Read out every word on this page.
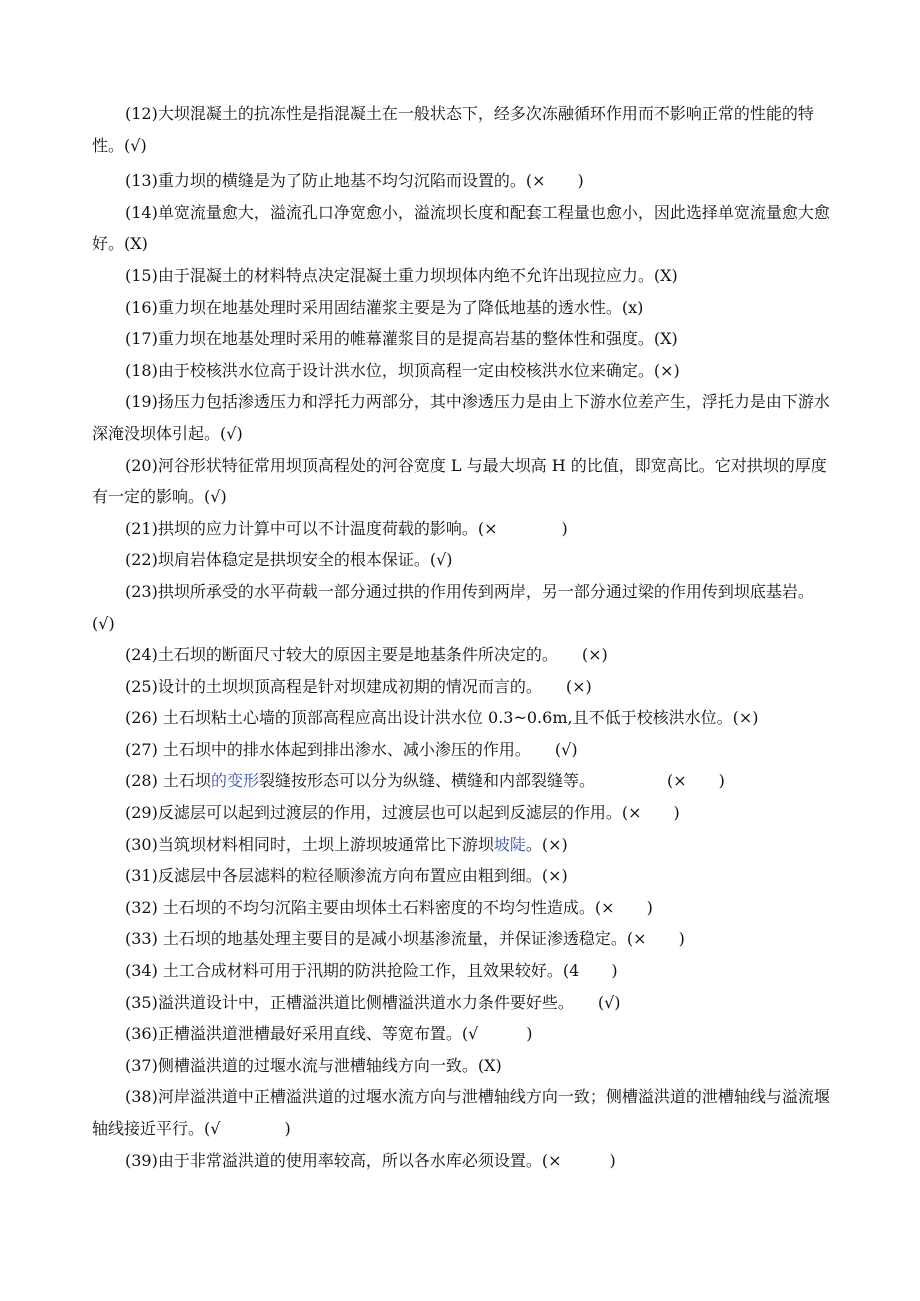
(12)大坝混凝土的抗冻性是指混凝土在一般状态下，经多次冻融循环作用而不影响正常的性能的特性。(√)

(13)重力坝的横缝是为了防止地基不均匀沉陷而设置的。(×　　)

(14)单宽流量愈大，溢流孔口净宽愈小，溢流坝长度和配套工程量也愈小，因此选择单宽流量愈大愈好。(X)

(15)由于混凝土的材料特点决定混凝土重力坝坝体内绝不允许出现拉应力。(X)

(16)重力坝在地基处理时采用固结灌浆主要是为了降低地基的透水性。(x)

(17)重力坝在地基处理时采用的帷幕灌浆目的是提高岩基的整体性和强度。(X)

(18)由于校核洪水位高于设计洪水位，坝顶高程一定由校核洪水位来确定。(×)

(19)扬压力包括渗透压力和浮托力两部分，其中渗透压力是由上下游水位差产生，浮托力是由下游水深淹没坝体引起。(√)

(20)河谷形状特征常用坝顶高程处的河谷宽度 L 与最大坝高 H 的比值，即宽高比。它对拱坝的厚度有一定的影响。(√)

(21)拱坝的应力计算中可以不计温度荷载的影响。(×　　　　)

(22)坝肩岩体稳定是拱坝安全的根本保证。(√)

(23)拱坝所承受的水平荷载一部分通过拱的作用传到两岸，另一部分通过梁的作用传到坝底基岩。(√)

(24)土石坝的断面尺寸较大的原因主要是地基条件所决定的。　　(×)

(25)设计的土坝坝顶高程是针对坝建成初期的情况而言的。　　(×)

(26) 土石坝粘土心墙的顶部高程应高出设计洪水位 0.3~0.6m,且不低于校核洪水位。(×)

(27) 土石坝中的排水体起到排出渗水、减小渗压的作用。　　(√)

(28) 土石坝的变形裂缝按形态可以分为纵缝、横缝和内部裂缝等。　　　　　(×　　)

(29)反滤层可以起到过渡层的作用，过渡层也可以起到反滤层的作用。(×　　)

(30)当筑坝材料相同时，土坝上游坝坡通常比下游坝坡陡。(×)

(31)反滤层中各层滤料的粒径顺渗流方向布置应由粗到细。(×)

(32) 土石坝的不均匀沉陷主要由坝体土石料密度的不均匀性造成。(×　　)

(33) 土石坝的地基处理主要目的是减小坝基渗流量，并保证渗透稳定。(×　　)

(34) 土工合成材料可用于汛期的防洪抢险工作，且效果较好。(4　　)

(35)溢洪道设计中，正槽溢洪道比侧槽溢洪道水力条件要好些。　　(√)

(36)正槽溢洪道泄槽最好采用直线、等宽布置。(√　　　)

(37)侧槽溢洪道的过堰水流与泄槽轴线方向一致。(X)

(38)河岸溢洪道中正槽溢洪道的过堰水流方向与泄槽轴线方向一致；侧槽溢洪道的泄槽轴线与溢流堰轴线接近平行。(√　　　　)

(39)由于非常溢洪道的使用率较高，所以各水库必须设置。(×　　　)
